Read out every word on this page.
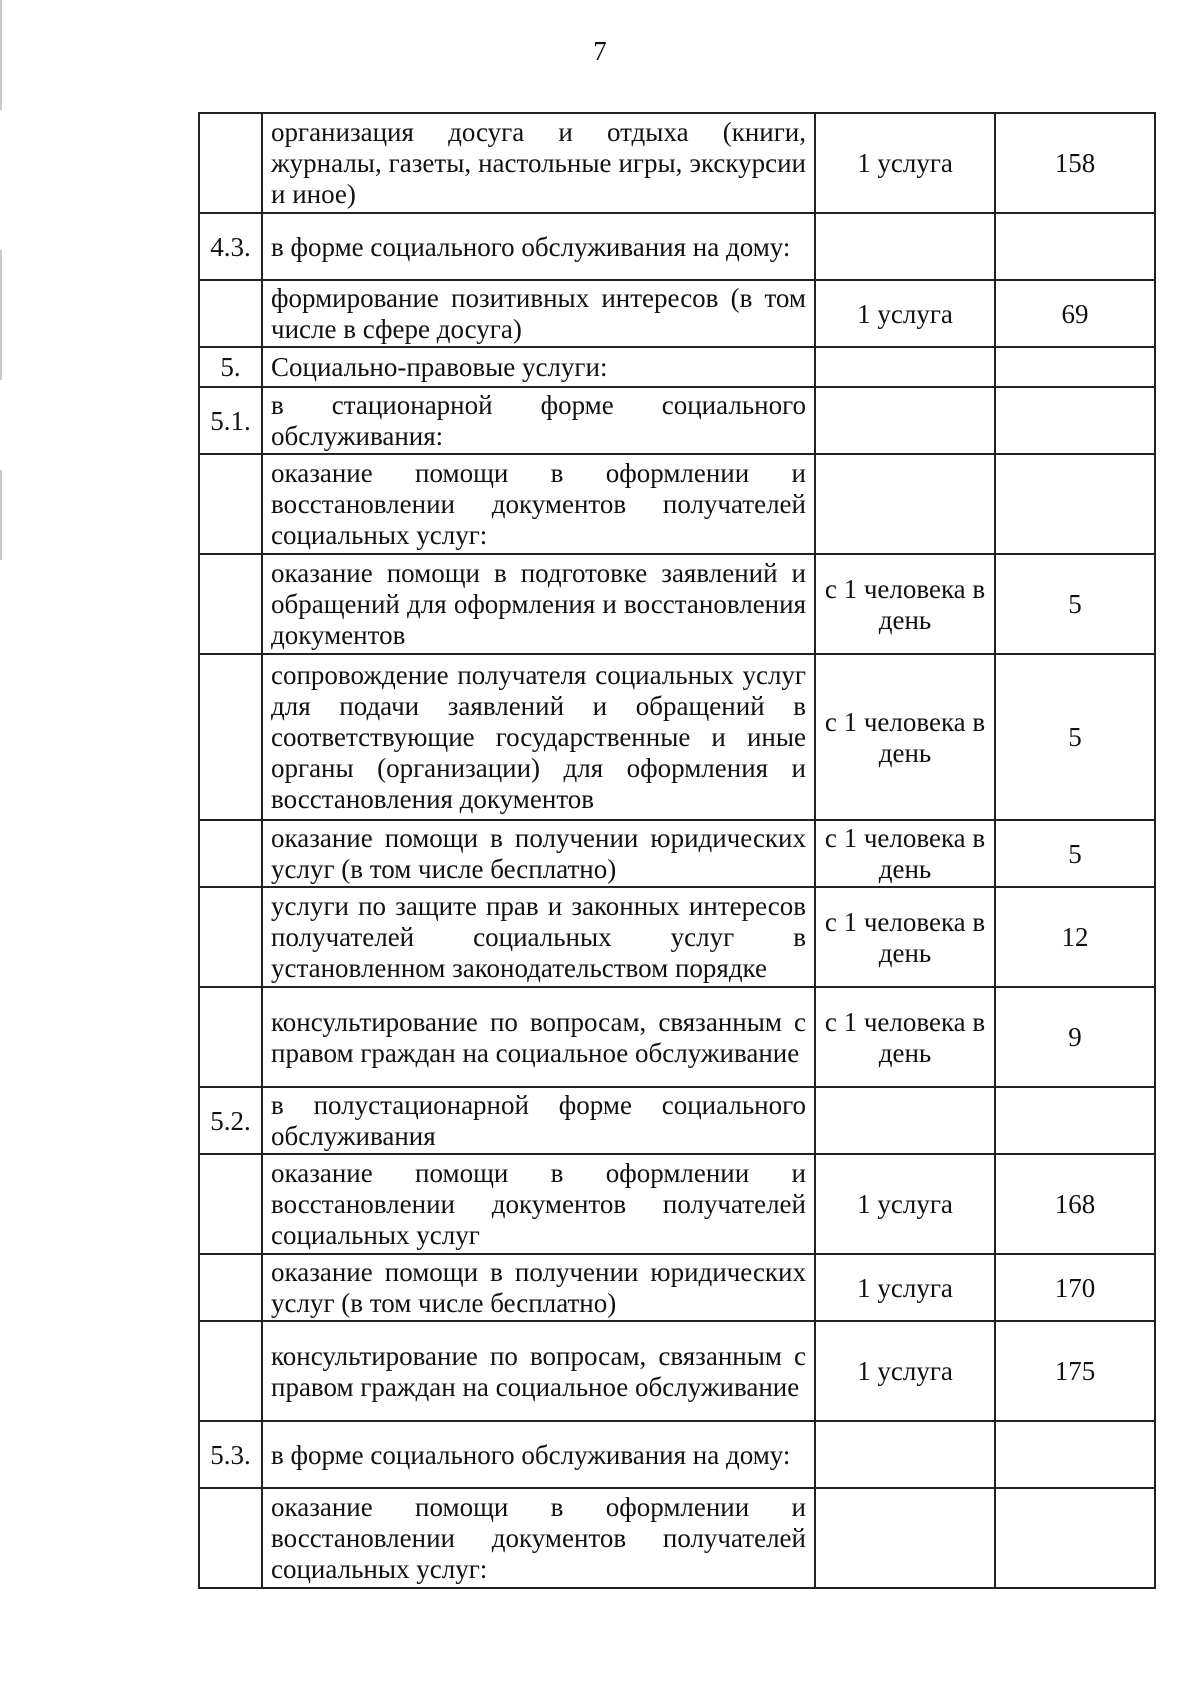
7
	организация досуга и отдыха (книги, журналы, газеты, настольные игры, экскурсии и иное)	1 услуга	158
4.3.	в форме социального обслуживания на дому:		
	формирование позитивных интересов (в том числе в сфере досуга)	1 услуга	69
5.	Социально-правовые услуги:		
5.1.	в стационарной форме социального обслуживания:		
	оказание помощи в оформлении и восстановлении документов получателей социальных услуг:		
	оказание помощи в подготовке заявлений и обращений для оформления и восстановления документов	с 1 человека в день	5
	сопровождение получателя социальных услуг для подачи заявлений и обращений в соответствующие государственные и иные органы (организации) для оформления и восстановления документов	с 1 человека в день	5
	оказание помощи в получении юридических услуг (в том числе бесплатно)	с 1 человека в день	5
	услуги по защите прав и законных интересов получателей социальных услуг в установленном законодательством порядке	с 1 человека в день	12
	консультирование по вопросам, связанным с правом граждан на социальное обслуживание	с 1 человека в день	9
5.2.	в полустационарной форме социального обслуживания		
	оказание помощи в оформлении и восстановлении документов получателей социальных услуг	1 услуга	168
	оказание помощи в получении юридических услуг (в том числе бесплатно)	1 услуга	170
	консультирование по вопросам, связанным с правом граждан на социальное обслуживание	1 услуга	175
5.3.	в форме социального обслуживания на дому:		
	оказание помощи в оформлении и восстановлении документов получателей социальных услуг:		
